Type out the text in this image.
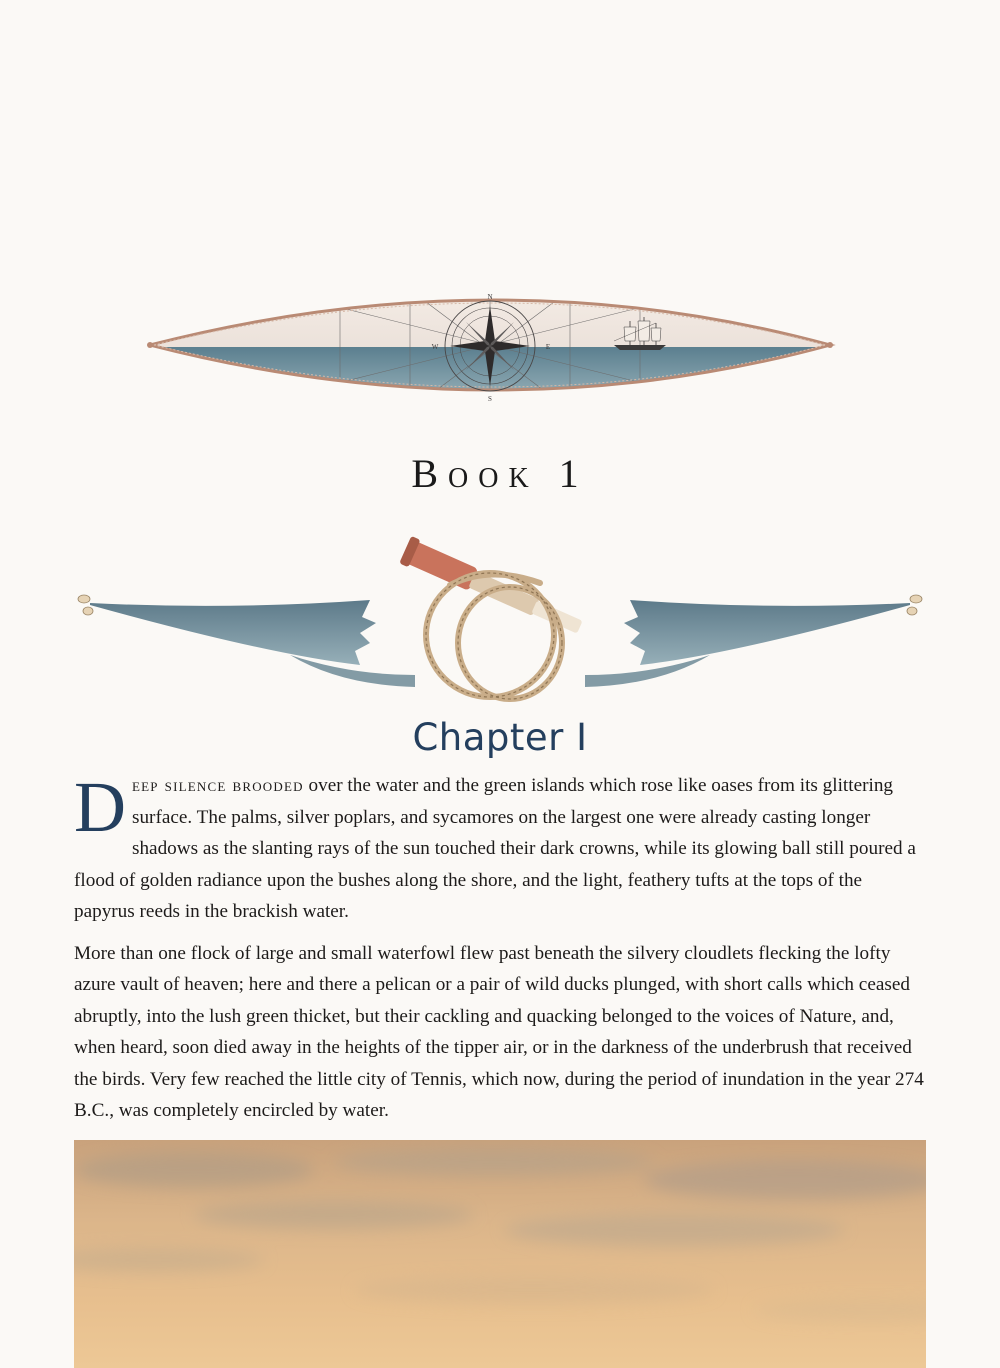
N
S
E
W
Book 1
Chapter I

Deep silence brooded over the water and the green islands which rose like oases from its glittering surface. The palms, silver poplars, and sycamores on the largest one were already casting longer shadows as the slanting rays of the sun touched their dark crowns, while its glowing ball still poured a flood of golden radiance upon the bushes along the shore, and the light, feathery tufts at the tops of the papyrus reeds in the brackish water.

More than one flock of large and small waterfowl flew past beneath the silvery cloudlets flecking the lofty azure vault of heaven; here and there a pelican or a pair of wild ducks plunged, with short calls which ceased abruptly, into the lush green thicket, but their cackling and quacking belonged to the voices of Nature, and, when heard, soon died away in the heights of the tipper air, or in the darkness of the underbrush that received the birds. Very few reached the little city of Tennis, which now, during the period of inundation in the year 274 B.C., was completely encircled by water.
